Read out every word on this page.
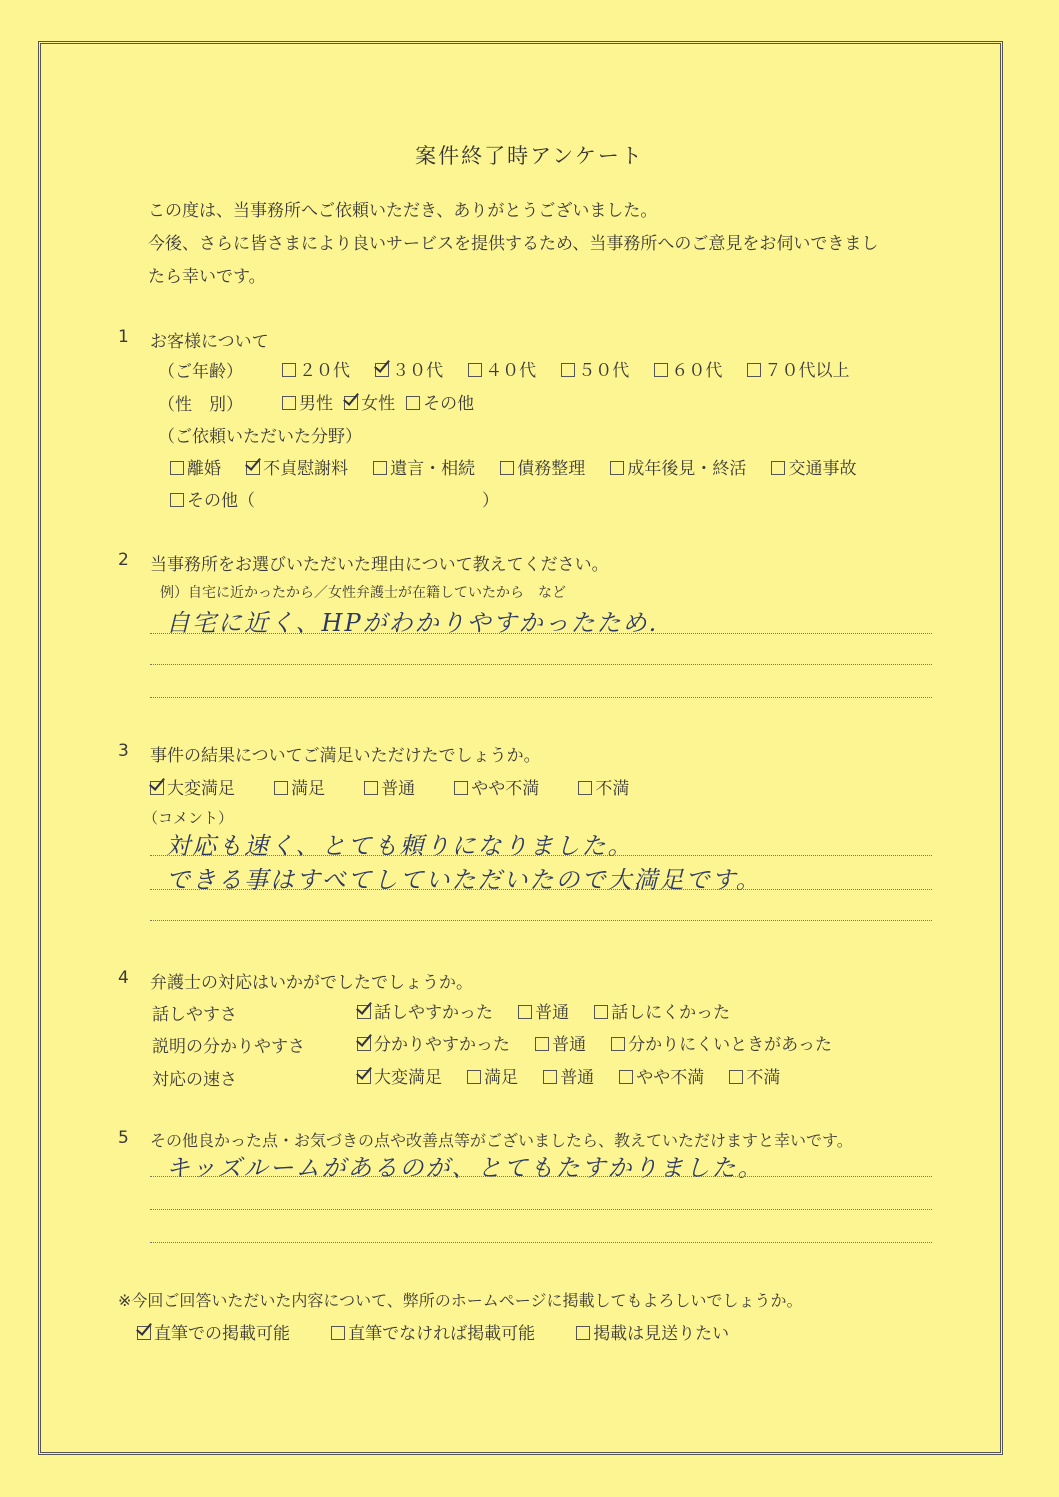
案件終了時アンケート
この度は、当事務所へご依頼いただき、ありがとうございました。
今後、さらに皆さまにより良いサービスを提供するため、当事務所へのご意見をお伺いできまし
たら幸いです。
1 お客様について
（ご年齢）	２０代 ３０代 ４０代 ５０代 ６０代 ７０代以上
（性　別）	男性 女性 その他
（ご依頼いただいた分野）
離婚 不貞慰謝料 遺言・相続 債務整理 成年後見・終活 交通事故
その他（	）
2 当事務所をお選びいただいた理由について教えてください。
例）自宅に近かったから／女性弁護士が在籍していたから　など
自宅に近く、HPがわかりやすかったため.
3 事件の結果についてご満足いただけたでしょうか。
大変満足	満足	普通	やや不満	不満
（コメント）
対応も速く、とても頼りになりました。
できる事はすべてしていただいたので大満足です。
4 弁護士の対応はいかがでしたでしょうか。
話しやすさ	話しやすかった 普通 話しにくかった
説明の分かりやすさ	分かりやすかった 普通 分かりにくいときがあった
対応の速さ	大変満足 満足 普通 やや不満 不満
5 その他良かった点・お気づきの点や改善点等がございましたら、教えていただけますと幸いです。
キッズルームがあるのが、とてもたすかりました。
※今回ご回答いただいた内容について、弊所のホームページに掲載してもよろしいでしょうか。
直筆での掲載可能	直筆でなければ掲載可能	掲載は見送りたい
